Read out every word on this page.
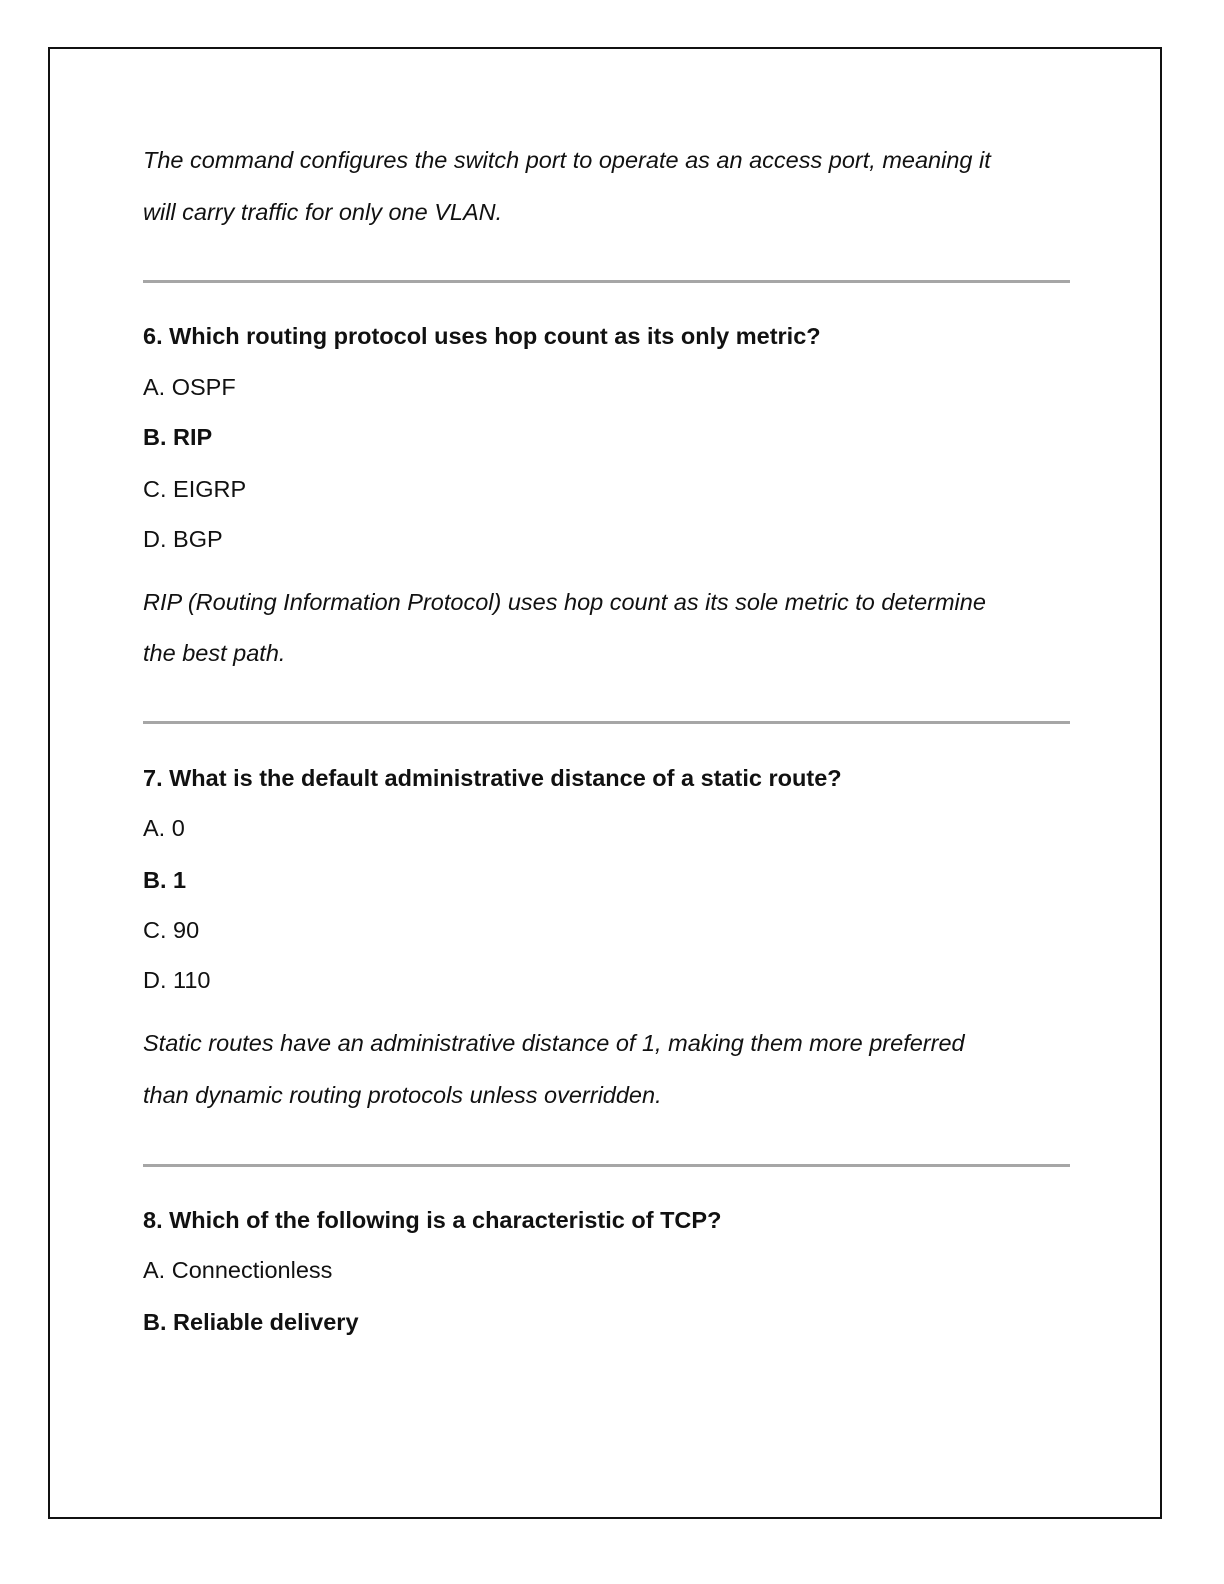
The command configures the switch port to operate as an access port, meaning it
will carry traffic for only one VLAN.
6. Which routing protocol uses hop count as its only metric?
A. OSPF
B. RIP
C. EIGRP
D. BGP
RIP (Routing Information Protocol) uses hop count as its sole metric to determine
the best path.
7. What is the default administrative distance of a static route?
A. 0
B. 1
C. 90
D. 110
Static routes have an administrative distance of 1, making them more preferred
than dynamic routing protocols unless overridden.
8. Which of the following is a characteristic of TCP?
A. Connectionless
B. Reliable delivery
